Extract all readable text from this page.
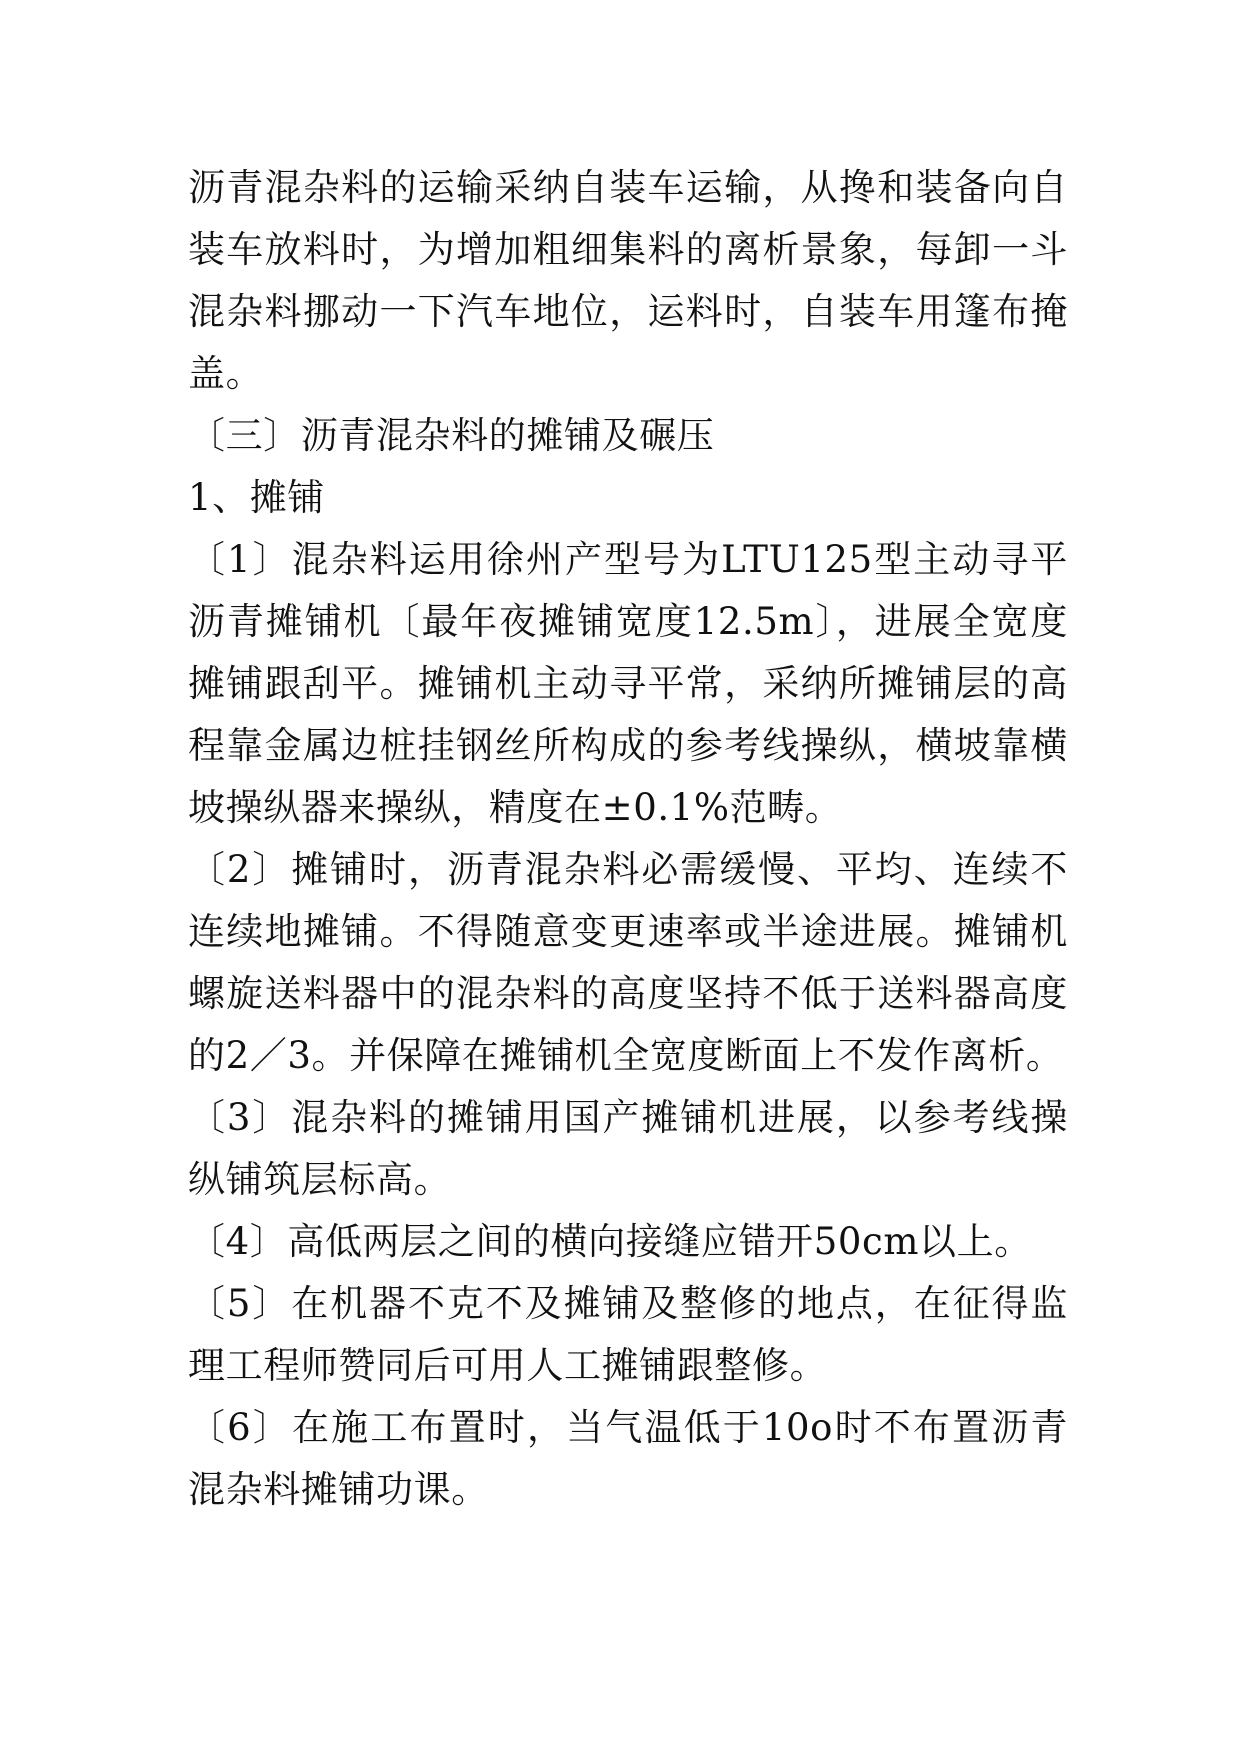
沥青混杂料的运输采纳自装车运输，从搀和装备向自装车放料时，为增加粗细集料的离析景象，每卸一斗混杂料挪动一下汽车地位，运料时，自装车用篷布掩盖。

〔三〕沥青混杂料的摊铺及碾压

1、摊铺

〔1〕混杂料运用徐州产型号为LTU125型主动寻平沥青摊铺机〔最年夜摊铺宽度12.5m〕，进展全宽度摊铺跟刮平。摊铺机主动寻平常，采纳所摊铺层的高程靠金属边桩挂钢丝所构成的参考线操纵，横坡靠横坡操纵器来操纵，精度在±0.1%范畴。

〔2〕摊铺时，沥青混杂料必需缓慢、平均、连续不连续地摊铺。不得随意变更速率或半途进展。摊铺机螺旋送料器中的混杂料的高度坚持不低于送料器高度的2／3。并保障在摊铺机全宽度断面上不发作离析。

〔3〕混杂料的摊铺用国产摊铺机进展，以参考线操纵铺筑层标高。

〔4〕高低两层之间的横向接缝应错开50cm以上。

〔5〕在机器不克不及摊铺及整修的地点，在征得监理工程师赞同后可用人工摊铺跟整修。

〔6〕在施工布置时，当气温低于10o时不布置沥青混杂料摊铺功课。
